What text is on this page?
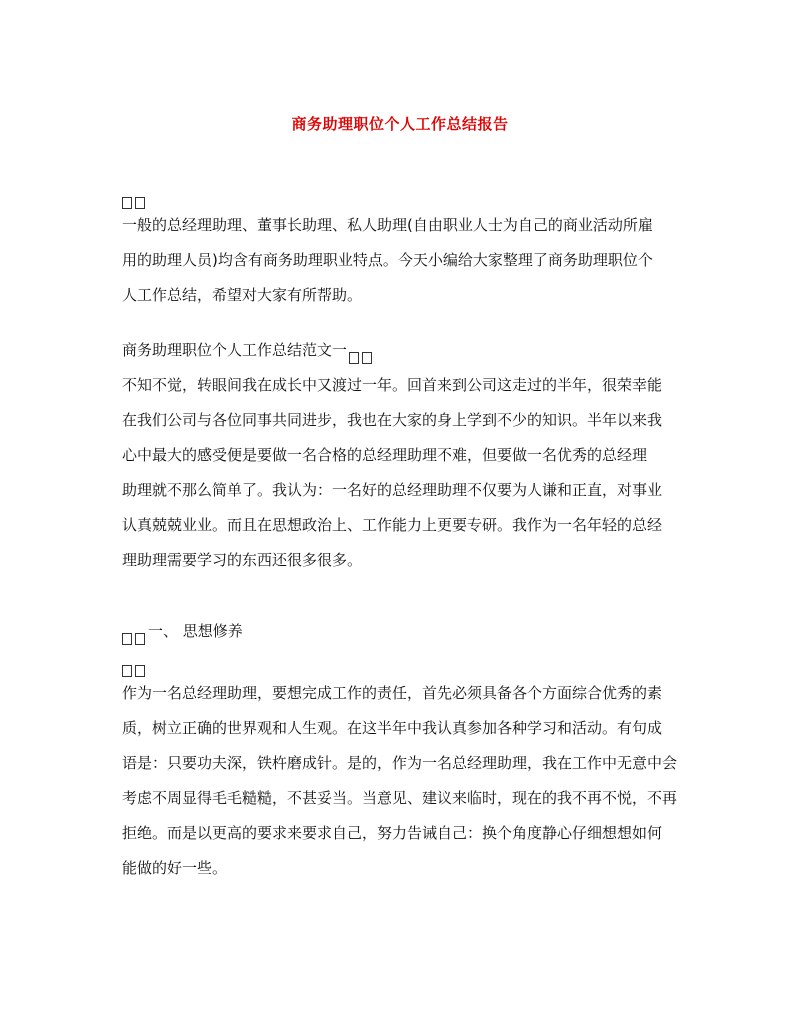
商务助理职位个人工作总结报告
一般的总经理助理、董事长助理、私人助理(自由职业人士为自己的商业活动所雇
用的助理人员)均含有商务助理职业特点。今天小编给大家整理了商务助理职位个
人工作总结，希望对大家有所帮助。
商务助理职位个人工作总结范文一
不知不觉，转眼间我在成长中又渡过一年。回首来到公司这走过的半年，很荣幸能
在我们公司与各位同事共同进步，我也在大家的身上学到不少的知识。半年以来我
心中最大的感受便是要做一名合格的总经理助理不难，但要做一名优秀的总经理
助理就不那么简单了。我认为：一名好的总经理助理不仅要为人谦和正直，对事业
认真兢兢业业。而且在思想政治上、工作能力上更要专研。我作为一名年轻的总经
理助理需要学习的东西还很多很多。
一、 思想修养
作为一名总经理助理，要想完成工作的责任，首先必须具备各个方面综合优秀的素
质，树立正确的世界观和人生观。在这半年中我认真参加各种学习和活动。有句成
语是：只要功夫深，铁杵磨成针。是的，作为一名总经理助理，我在工作中无意中会
考虑不周显得毛毛糙糙，不甚妥当。当意见、建议来临时，现在的我不再不悦，不再
拒绝。而是以更高的要求来要求自己，努力告诫自己：换个角度静心仔细想想如何
能做的好一些。
